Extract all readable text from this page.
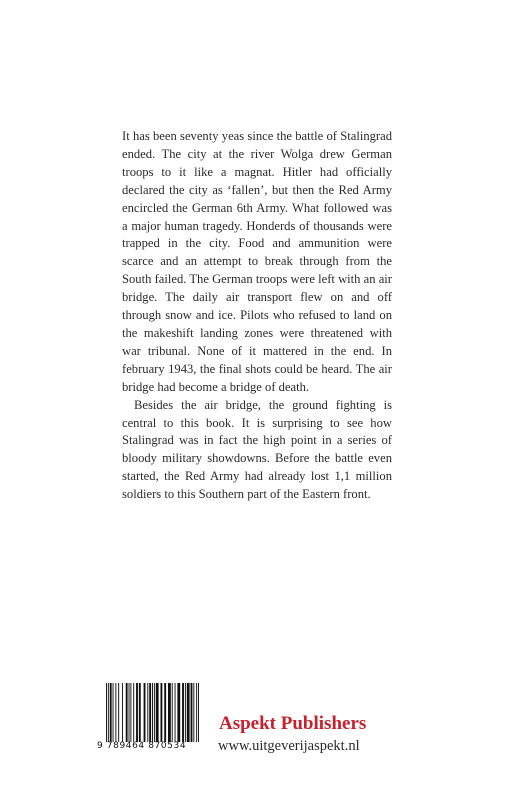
It has been seventy yeas since the battle of Stalingrad ended. The city at the river Wolga drew German troops to it like a magnat. Hitler had officially declared the city as ‘fallen’, but then the Red Army encircled the German 6th Army. What followed was a major human tragedy. Honderds of thousands were trapped in the city. Food and ammunition were scarce and an attempt to break through from the South failed. The German troops were left with an air bridge. The daily air transport flew on and off through snow and ice. Pilots who refused to land on the makeshift landing zones were threatened with war tribunal. None of it mattered in the end. In february 1943, the final shots could be heard. The air bridge had become a bridge of death.

Besides the air bridge, the ground fighting is central to this book. It is surprising to see how Stalingrad was in fact the high point in a series of bloody military showdowns. Before the battle even started, the Red Army had already lost 1,1 million soldiers to this Southern part of the Eastern front.

9 789464 870534
Aspekt Publishers
www.uitgeverijaspekt.nl
